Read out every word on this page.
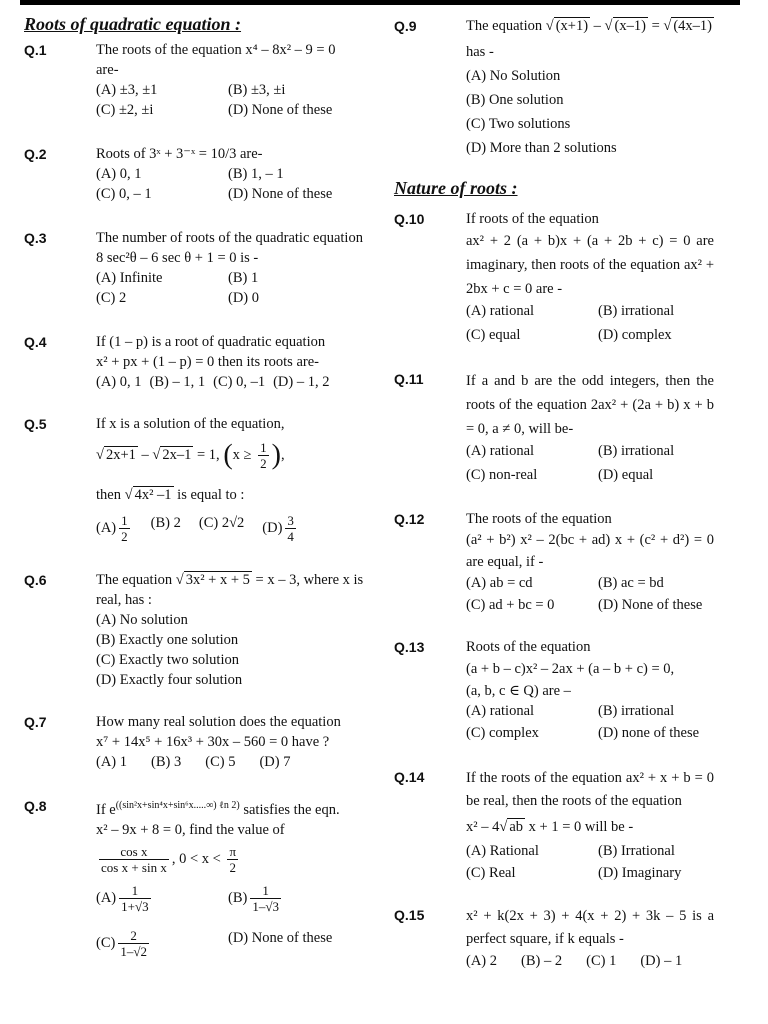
Roots of quadratic equation :
Q.1	The roots of the equation x⁴ – 8x² – 9 = 0
are-
(A) ±3, ±1	(B) ±3, ±i
(C) ±2, ±i	(D) None of these
Q.2	Roots of 3ˣ + 3⁻ˣ = 10/3 are-
(A) 0, 1	(B) 1, – 1
(C) 0, – 1	(D) None of these
Q.3	The number of roots of the quadratic equation
8 sec²θ – 6 sec θ + 1 = 0 is -
(A) Infinite	(B) 1
(C) 2	(D) 0
Q.4	If (1 – p) is a root of quadratic equation
x² + px + (1 – p) = 0 then its roots are-
(A) 0, 1 (B) – 1, 1 (C) 0, –1 (D) – 1, 2
Q.5	If x is a solution of the equation,
√ 2x+1 – √ 2x–1 = 1, ($x \ge \frac{1}{2}$ ),
then √ 4x² –1 is equal to :
$(A) \frac{1}{2} (B)$ 2 (C) 2√2 $(D) \frac{3}{4}$
Q.6	The equation √ 3x² + x + 5 = x – 3, where x is real, has :
(A) No solution
(B) Exactly one solution
(C) Exactly two solution
(D) Exactly four solution
Q.7	How many real solution does the equation
x⁷ + 14x⁵ + 16x³ + 30x – 560 = 0 have ?
(A) 1 (B) 3 (C) 5 (D) 7
Q.8	If $e^{((sin^2x+sin^4x+sin^6x.....\infty) \ell n 2)}$ satisfies the eqn.
x² – 9x + 8 = 0, find the value of
$\frac{\text{cos x}}{\text{cos x + sin x}}$ , $0 < x < \frac{\pi}{2}$
$(A) \frac{1}{1+√3}$	$(B) \frac{1}{1-√3}$
$(C) \frac{2}{1-√2}$	(D) None of these
Q.9	The equation √ (x+1) – √ (x–1) = √ (4x–1)
has -
(A) No Solution
(B) One solution
(C) Two solutions
(D) More than 2 solutions
Nature of roots :
Q.10	If roots of the equation
ax² + 2 (a + b)x + (a + 2b + c) = 0 are imaginary, then roots of the equation ax² + 2bx + c = 0 are -
(A) rational	(B) irrational
(C) equal	(D) complex
Q.11	If a and b are the odd integers, then the roots of the equation 2ax² + (2a + b) x + b = 0, a ≠ 0, will be-
(A) rational	(B) irrational
(C) non-real	(D) equal
Q.12	The roots of the equation
(a² + b²) x² – 2(bc + ad) x + (c² + d²) = 0 are equal, if -
(A) ab = cd	(B) ac = bd
(C) ad + bc = 0	(D) None of these
Q.13	Roots of the equation
(a + b – c)x² – 2ax + (a – b + c) = 0,
(a, b, c ∈ Q) are –
(A) rational	(B) irrational
(C) complex	(D) none of these
Q.14	If the roots of the equation ax² + x + b = 0 be real, then the roots of the equation
x² – 4√ ab x + 1 = 0 will be -
(A) Rational	(B) Irrational
(C) Real	(D) Imaginary
Q.15	x² + k(2x + 3) + 4(x + 2) + 3k – 5 is a perfect square, if k equals -
(A) 2 (B) – 2 (C) 1 (D) – 1
